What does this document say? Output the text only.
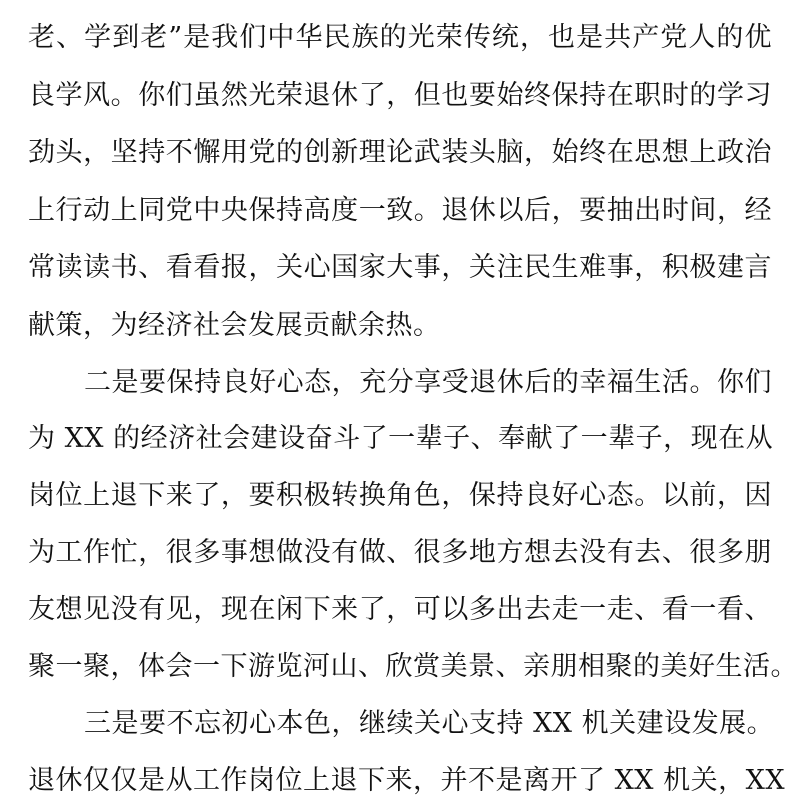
老、学到老”是我们中华民族的光荣传统，也是共产党人的优
良学风。你们虽然光荣退休了，但也要始终保持在职时的学习
劲头，坚持不懈用党的创新理论武装头脑，始终在思想上政治
上行动上同党中央保持高度一致。退休以后，要抽出时间，经
常读读书、看看报，关心国家大事，关注民生难事，积极建言
献策，为经济社会发展贡献余热。
二是要保持良好心态，充分享受退休后的幸福生活。你们
为 XX 的经济社会建设奋斗了一辈子、奉献了一辈子，现在从
岗位上退下来了，要积极转换角色，保持良好心态。以前，因
为工作忙，很多事想做没有做、很多地方想去没有去、很多朋
友想见没有见，现在闲下来了，可以多出去走一走、看一看、
聚一聚，体会一下游览河山、欣赏美景、亲朋相聚的美好生活。
三是要不忘初心本色，继续关心支持 XX 机关建设发展。
退休仅仅是从工作岗位上退下来，并不是离开了 XX 机关，XX
